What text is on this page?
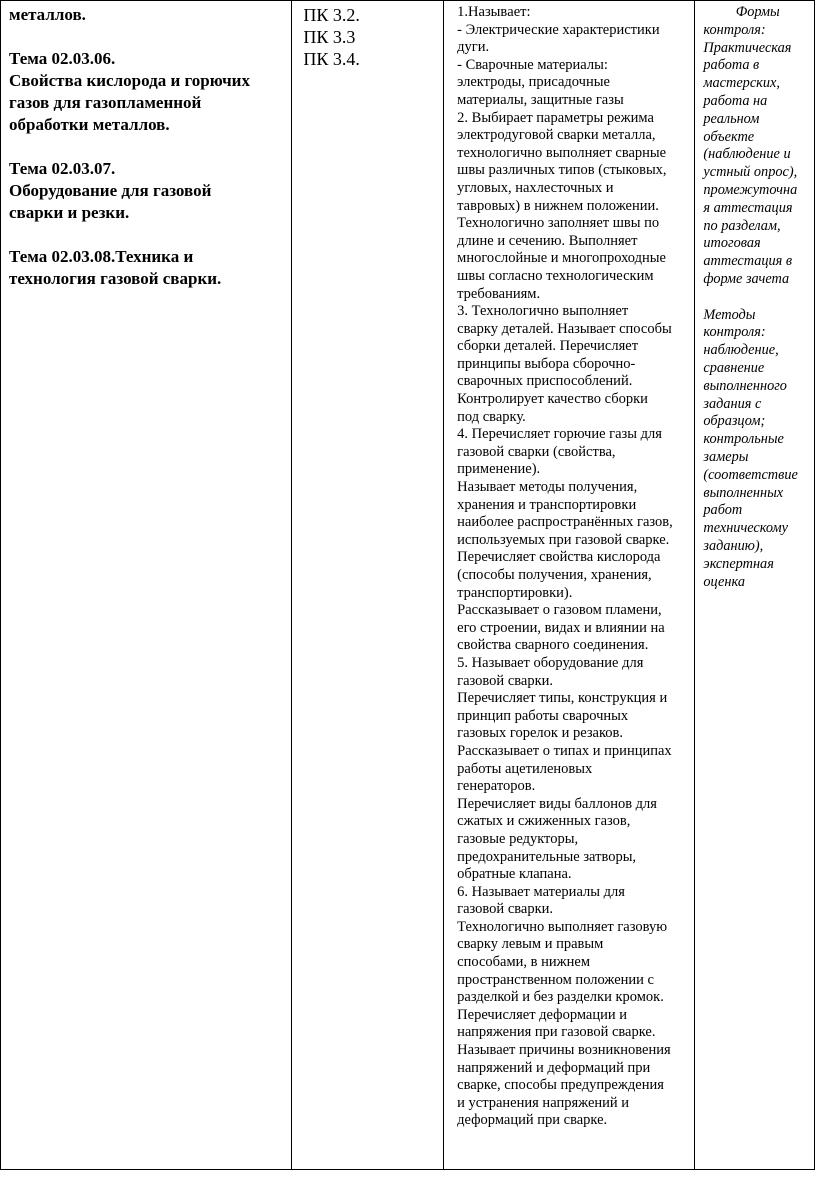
металлов.
Тема 02.03.06.
Свойства кислорода и горючих
газов для газопламенной
обработки металлов.
Тема 02.03.07.
Оборудование для газовой
сварки и резки.
Тема 02.03.08.Техника и
технология газовой сварки.

ПК 3.2.
ПК 3.3
ПК 3.4.

1.Назывaет:
- Электрические характеристики
дуги.
- Сварочные материалы:
электроды, присадочные
материалы, защитные газы
2. Выбирает параметры режима
электродуговой сварки металла,
технологично выполняет сварные
швы различных типов (стыковых,
угловых, нахлесточных и
тавровых) в нижнем положении.
Технологично заполняет швы по
длине и сечению. Выполняет
многослойные и многопроходные
швы согласно технологическим
требованиям.
3. Технологично выполняет
сварку деталей. Называет способы
сборки деталей. Перечисляет
принципы выбора сборочно-
сварочных приспособлений.
Контролирует качество сборки
под сварку.
4. Перечисляет горючие газы для
газовой сварки (свойства,
применение).
Называет методы получения,
хранения и транспортировки
наиболее распространённых газов,
используемых при газовой сварке.
Перечисляет свойства кислорода
(способы получения, хранения,
транспортировки).
Рассказывает о газовом пламени,
его строении, видах и влиянии на
свойства сварного соединения.
5. Называет оборудование для
газовой сварки.
Перечисляет типы, конструкция и
принцип работы сварочных
газовых горелок и резаков.
Рассказывает о типах и принципах
работы ацетиленовых
генераторов.
Перечисляет виды баллонов для
сжатых и сжиженных газов,
газовые редукторы,
предохранительные затворы,
обратные клапана.
6. Называет материалы для
газовой сварки.
Технологично выполняет газовую
сварку левым и правым
способами, в нижнем
пространственном положении с
разделкой и без разделки кромок.
Перечисляет деформации и
напряжения при газовой сварке.
Называет причины возникновения
напряжений и деформаций при
сварке, способы предупреждения
и устранения напряжений и
деформаций при сварке.

Формы
контроля:
Практическая
работа в
мастерских,
работа на
реальном
объекте
(наблюдение и
устный опрос),
промежуточна
я аттестация
по разделам,
итоговая
аттестация в
форме зачета
Методы
контроля:
наблюдение,
сравнение
выполненного
задания с
образцом;
контрольные
замеры
(соответствие
выполненных
работ
техническому
заданию),
экспертная
оценка
